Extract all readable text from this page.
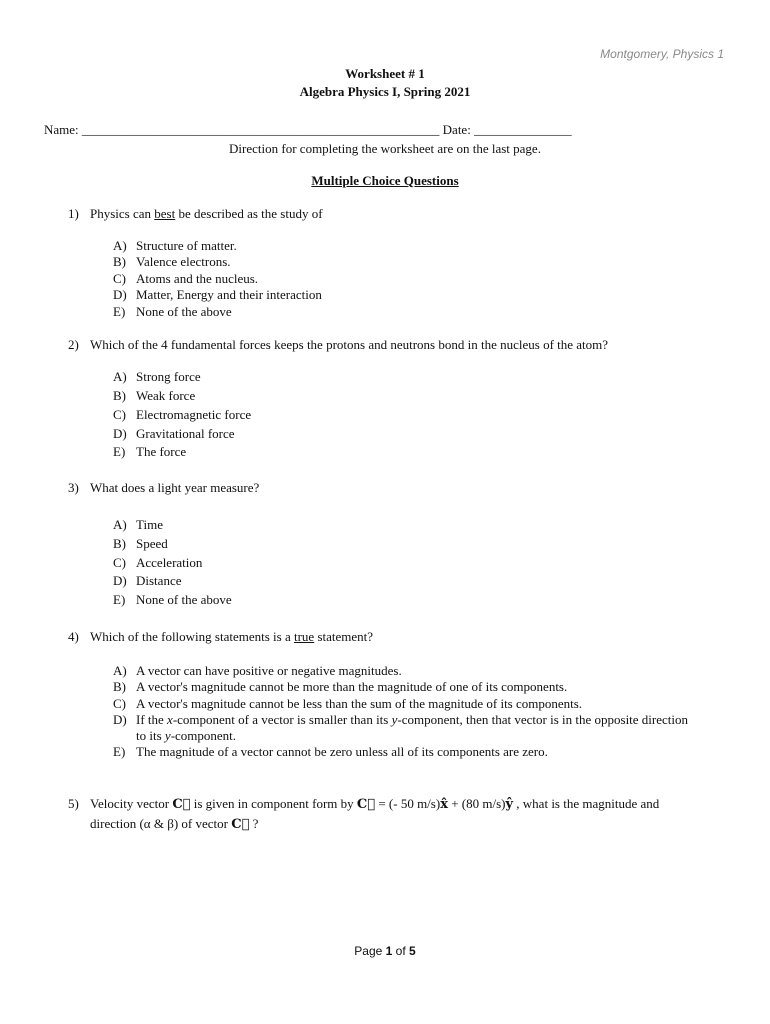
Montgomery, Physics 1
Worksheet # 1
Algebra Physics I, Spring 2021
Name: _______________________________________________________ Date: _______________
Direction for completing the worksheet are on the last page.
Multiple Choice Questions
1) Physics can best be described as the study of
A) Structure of matter.
B) Valence electrons.
C) Atoms and the nucleus.
D) Matter, Energy and their interaction
E) None of the above
2) Which of the 4 fundamental forces keeps the protons and neutrons bond in the nucleus of the atom?
A) Strong force
B) Weak force
C) Electromagnetic force
D) Gravitational force
E) The force
3) What does a light year measure?
A) Time
B) Speed
C) Acceleration
D) Distance
E) None of the above
4) Which of the following statements is a true statement?
A) A vector can have positive or negative magnitudes.
B) A vector's magnitude cannot be more than the magnitude of one of its components.
C) A vector's magnitude cannot be less than the sum of the magnitude of its components.
D) If the x-component of a vector is smaller than its y-component, then that vector is in the opposite direction
to its y-component.
E) The magnitude of a vector cannot be zero unless all of its components are zero.
5) Velocity vector C⃗ is given in component form by C⃗ = (- 50 m/s)x̂ + (80 m/s)ŷ , what is the magnitude and
direction (α & β) of vector C⃗ ?
Page 1 of 5
